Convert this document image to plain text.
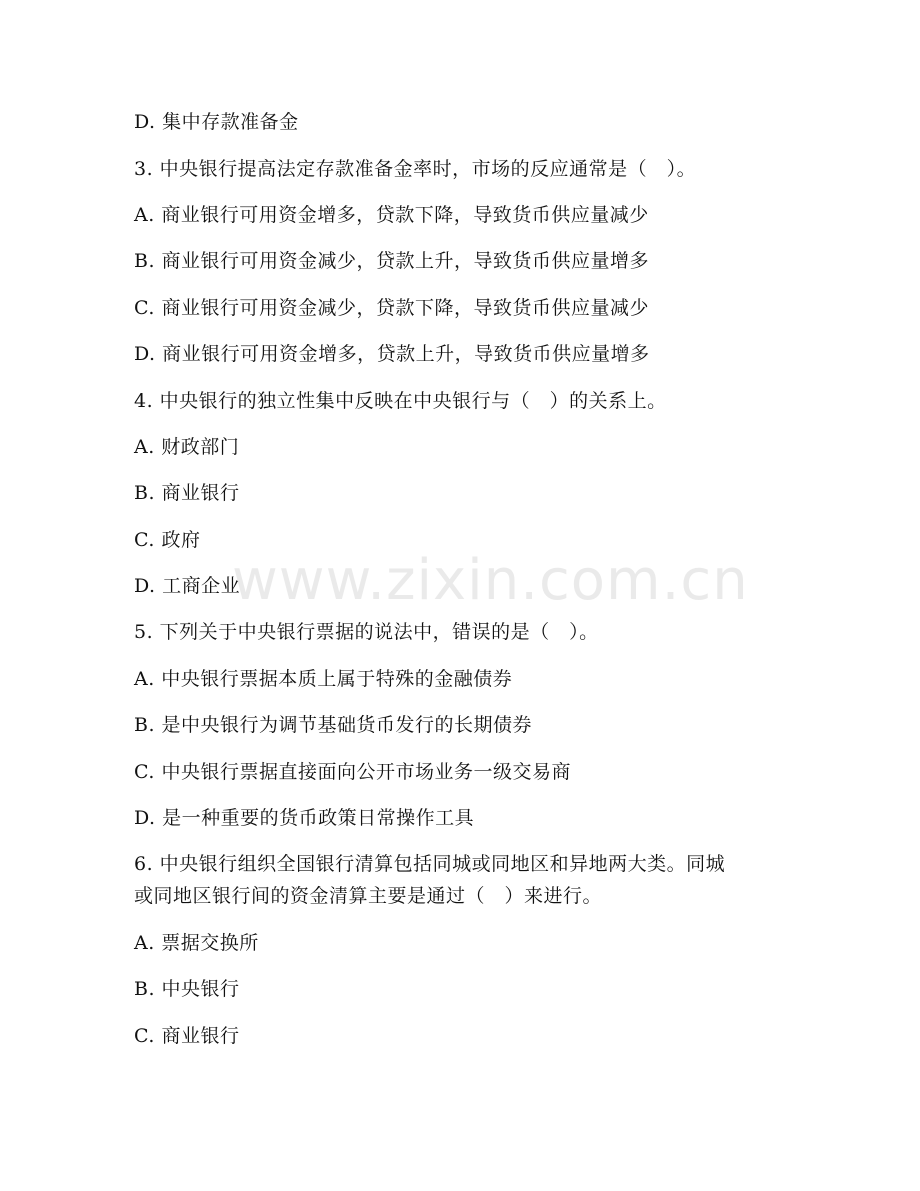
D. 集中存款准备金
3. 中央银行提高法定存款准备金率时，市场的反应通常是（　）。
A. 商业银行可用资金增多，贷款下降，导致货币供应量减少
B. 商业银行可用资金减少，贷款上升，导致货币供应量增多
C. 商业银行可用资金减少，贷款下降，导致货币供应量减少
D. 商业银行可用资金增多，贷款上升，导致货币供应量增多
4. 中央银行的独立性集中反映在中央银行与（　）的关系上。
A. 财政部门
B. 商业银行
C. 政府
D. 工商企业
5. 下列关于中央银行票据的说法中，错误的是（　）。
A. 中央银行票据本质上属于特殊的金融债券
B. 是中央银行为调节基础货币发行的长期债券
C. 中央银行票据直接面向公开市场业务一级交易商
D. 是一种重要的货币政策日常操作工具
6. 中央银行组织全国银行清算包括同城或同地区和异地两大类。同城
或同地区银行间的资金清算主要是通过（　）来进行。
A. 票据交换所
B. 中央银行
C. 商业银行
www.zixin.com.cn
